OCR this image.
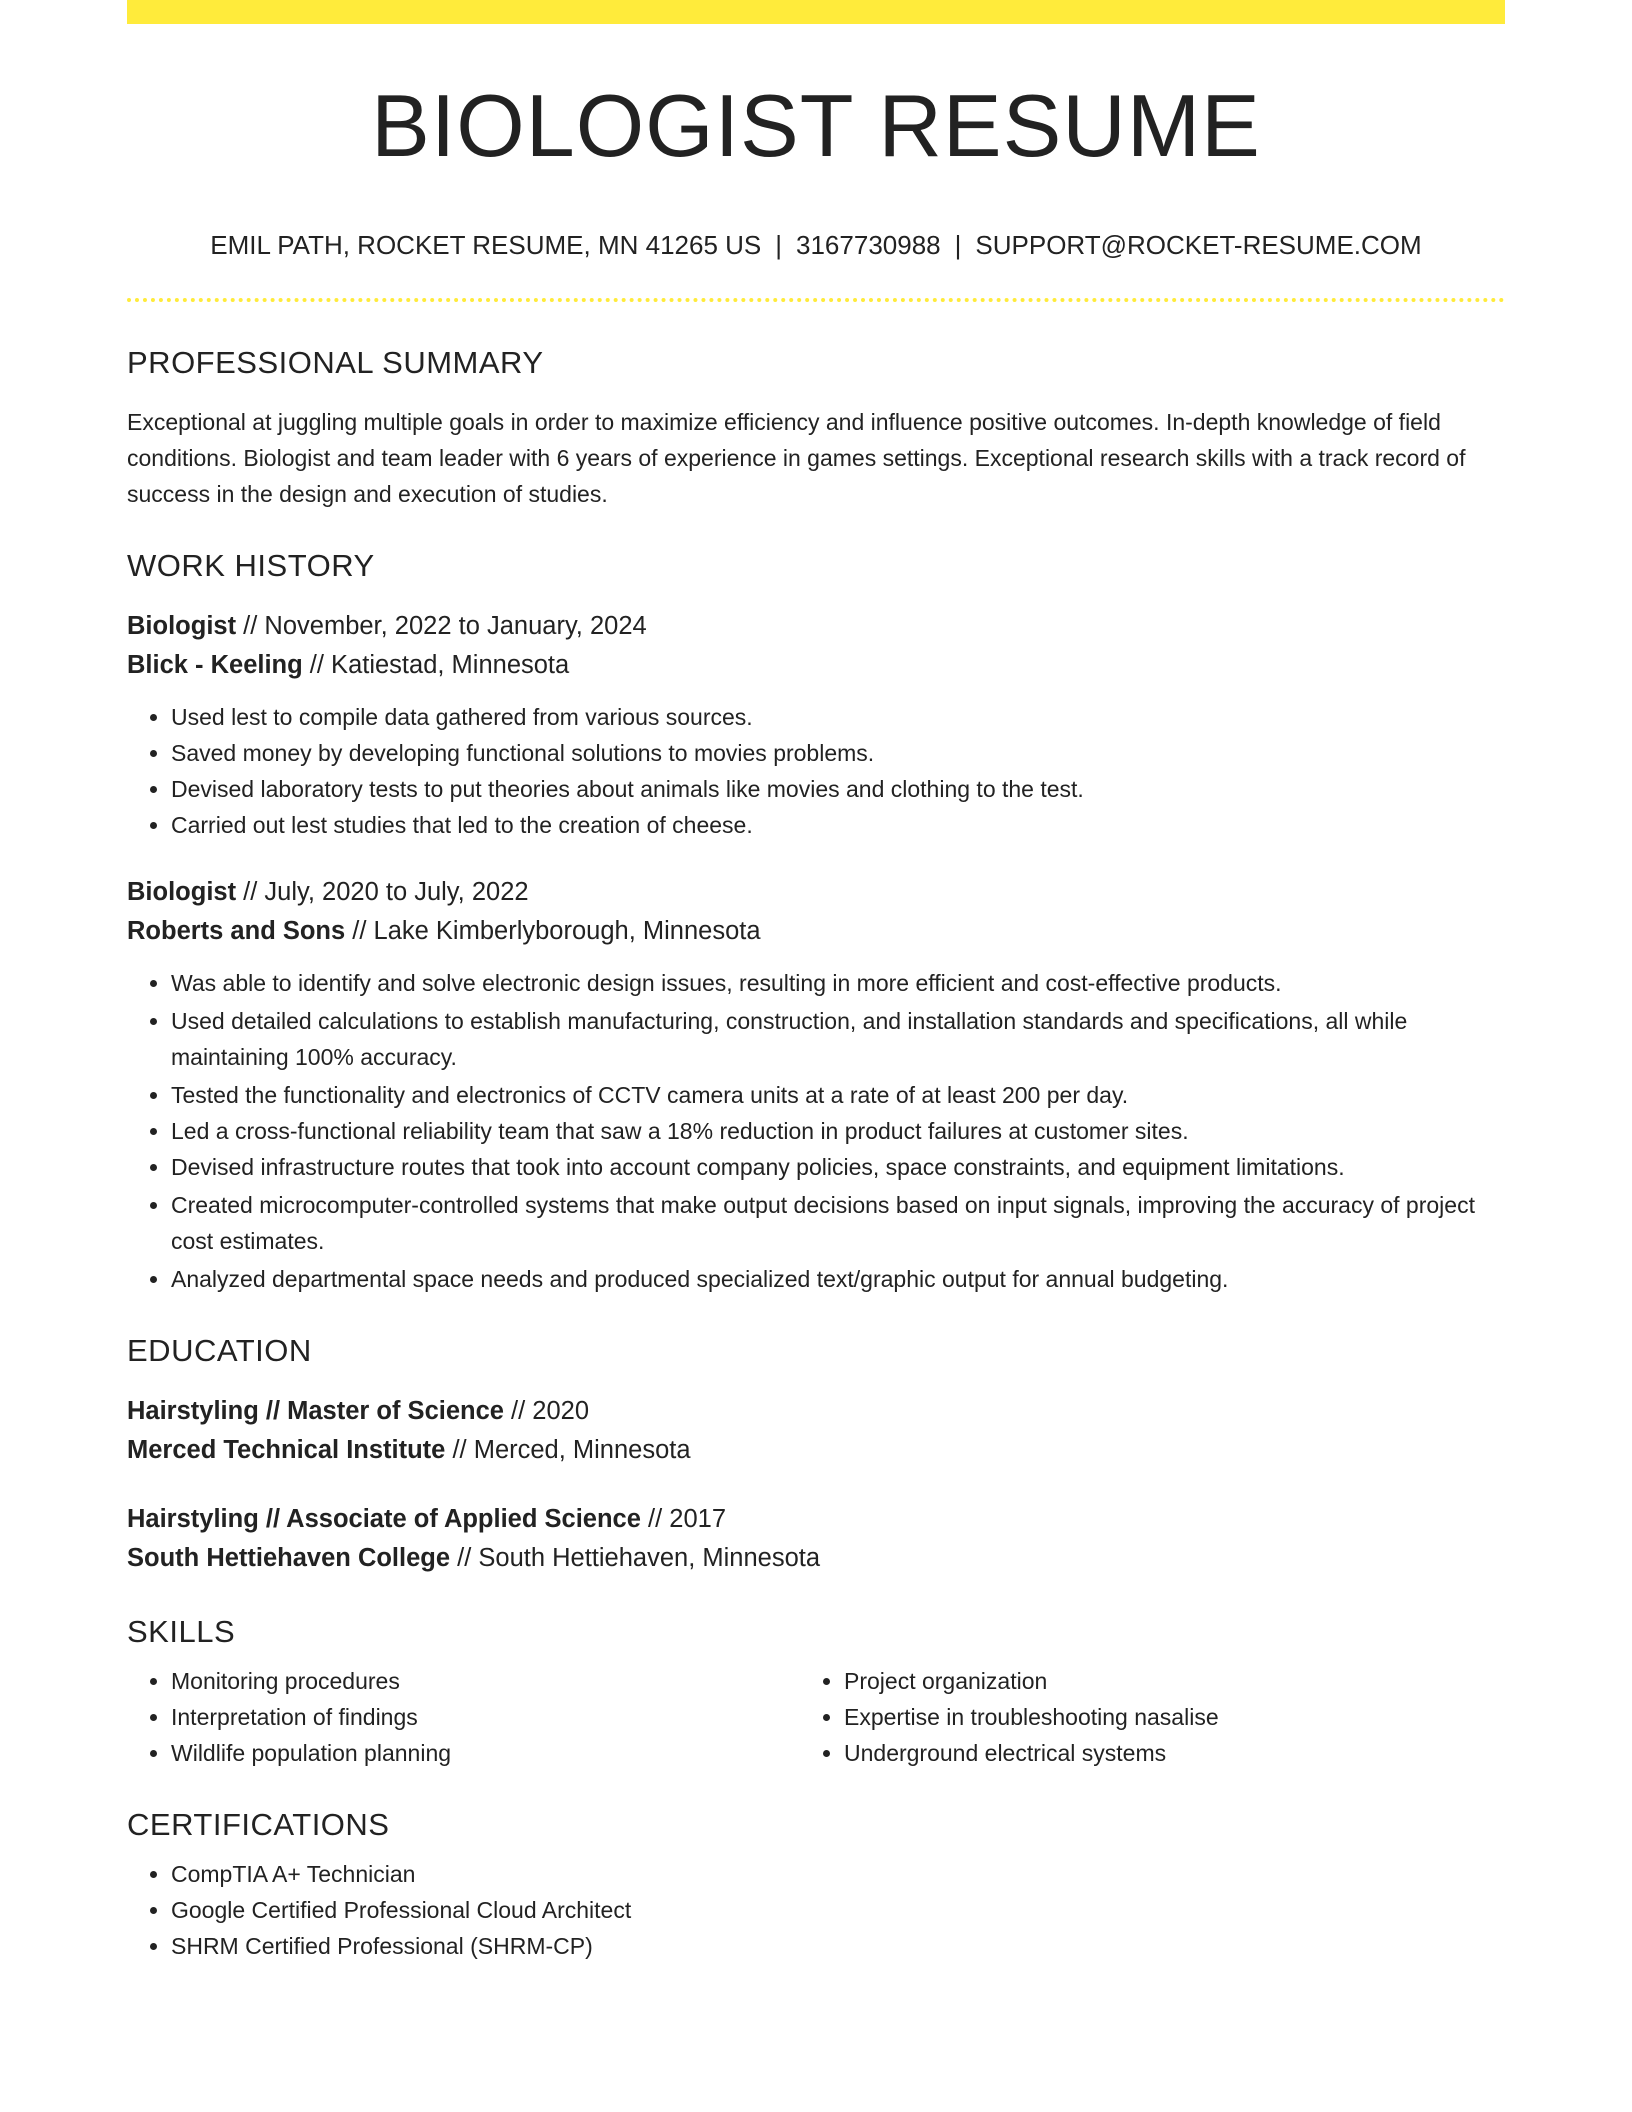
BIOLOGIST RESUME
EMIL PATH, ROCKET RESUME, MN 41265 US | 3167730988 | SUPPORT@ROCKET-RESUME.COM
PROFESSIONAL SUMMARY
Exceptional at juggling multiple goals in order to maximize efficiency and influence positive outcomes. In-depth knowledge of field conditions. Biologist and team leader with 6 years of experience in games settings. Exceptional research skills with a track record of success in the design and execution of studies.
WORK HISTORY
Biologist // November, 2022 to January, 2024
Blick - Keeling // Katiestad, Minnesota
• Used lest to compile data gathered from various sources.
• Saved money by developing functional solutions to movies problems.
• Devised laboratory tests to put theories about animals like movies and clothing to the test.
• Carried out lest studies that led to the creation of cheese.
Biologist // July, 2020 to July, 2022
Roberts and Sons // Lake Kimberlyborough, Minnesota
• Was able to identify and solve electronic design issues, resulting in more efficient and cost-effective products.
• Used detailed calculations to establish manufacturing, construction, and installation standards and specifications, all while maintaining 100% accuracy.
• Tested the functionality and electronics of CCTV camera units at a rate of at least 200 per day.
• Led a cross-functional reliability team that saw a 18% reduction in product failures at customer sites.
• Devised infrastructure routes that took into account company policies, space constraints, and equipment limitations.
• Created microcomputer-controlled systems that make output decisions based on input signals, improving the accuracy of project cost estimates.
• Analyzed departmental space needs and produced specialized text/graphic output for annual budgeting.
EDUCATION
Hairstyling // Master of Science // 2020
Merced Technical Institute // Merced, Minnesota
Hairstyling // Associate of Applied Science // 2017
South Hettiehaven College // South Hettiehaven, Minnesota
SKILLS
• Monitoring procedures
• Interpretation of findings
• Wildlife population planning
• Project organization
• Expertise in troubleshooting nasalise
• Underground electrical systems
CERTIFICATIONS
• CompTIA A+ Technician
• Google Certified Professional Cloud Architect
• SHRM Certified Professional (SHRM-CP)
